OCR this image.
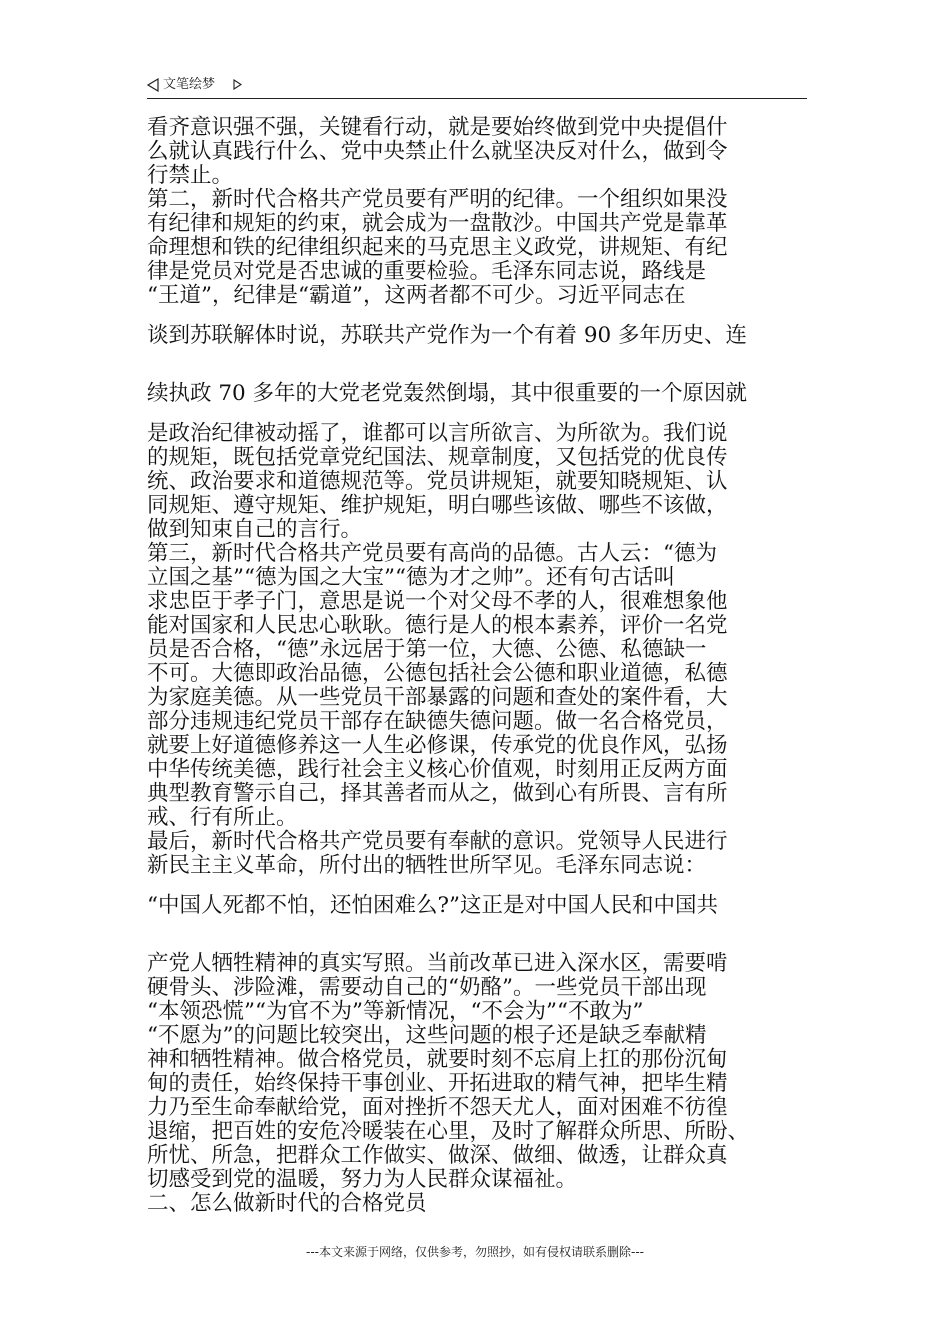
文笔绘梦
看齐意识强不强，关键看行动，就是要始终做到党中央提倡什
么就认真践行什么、党中央禁止什么就坚决反对什么，做到令
行禁止。
第二，新时代合格共产党员要有严明的纪律。一个组织如果没
有纪律和规矩的约束，就会成为一盘散沙。中国共产党是靠革
命理想和铁的纪律组织起来的马克思主义政党，讲规矩、有纪
律是党员对党是否忠诚的重要检验。毛泽东同志说，路线是
“王道”，纪律是“霸道”，这两者都不可少。习近平同志在
谈到苏联解体时说，苏联共产党作为一个有着 90 多年历史、连
续执政 70 多年的大党老党轰然倒塌，其中很重要的一个原因就
是政治纪律被动摇了，谁都可以言所欲言、为所欲为。我们说
的规矩，既包括党章党纪国法、规章制度，又包括党的优良传
统、政治要求和道德规范等。党员讲规矩，就要知晓规矩、认
同规矩、遵守规矩、维护规矩，明白哪些该做、哪些不该做，
做到知束自己的言行。
第三，新时代合格共产党员要有高尚的品德。古人云：“德为
立国之基”“德为国之大宝”“德为才之帅”。还有句古话叫
求忠臣于孝子门，意思是说一个对父母不孝的人，很难想象他
能对国家和人民忠心耿耿。德行是人的根本素养，评价一名党
员是否合格，“德”永远居于第一位，大德、公德、私德缺一
不可。大德即政治品德，公德包括社会公德和职业道德，私德
为家庭美德。从一些党员干部暴露的问题和查处的案件看，大
部分违规违纪党员干部存在缺德失德问题。做一名合格党员，
就要上好道德修养这一人生必修课，传承党的优良作风，弘扬
中华传统美德，践行社会主义核心价值观，时刻用正反两方面
典型教育警示自己，择其善者而从之，做到心有所畏、言有所
戒、行有所止。
最后，新时代合格共产党员要有奉献的意识。党领导人民进行
新民主主义革命，所付出的牺牲世所罕见。毛泽东同志说：
“中国人死都不怕，还怕困难么?”这正是对中国人民和中国共
产党人牺牲精神的真实写照。当前改革已进入深水区，需要啃
硬骨头、涉险滩，需要动自己的“奶酪”。一些党员干部出现
“本领恐慌”“为官不为”等新情况，“不会为”“不敢为”
“不愿为”的问题比较突出，这些问题的根子还是缺乏奉献精
神和牺牲精神。做合格党员，就要时刻不忘肩上扛的那份沉甸
甸的责任，始终保持干事创业、开拓进取的精气神，把毕生精
力乃至生命奉献给党，面对挫折不怨天尤人，面对困难不彷徨
退缩，把百姓的安危冷暖装在心里，及时了解群众所思、所盼、
所忧、所急，把群众工作做实、做深、做细、做透，让群众真
切感受到党的温暖，努力为人民群众谋福祉。
二、怎么做新时代的合格党员
---本文来源于网络，仅供参考，勿照抄，如有侵权请联系删除---
